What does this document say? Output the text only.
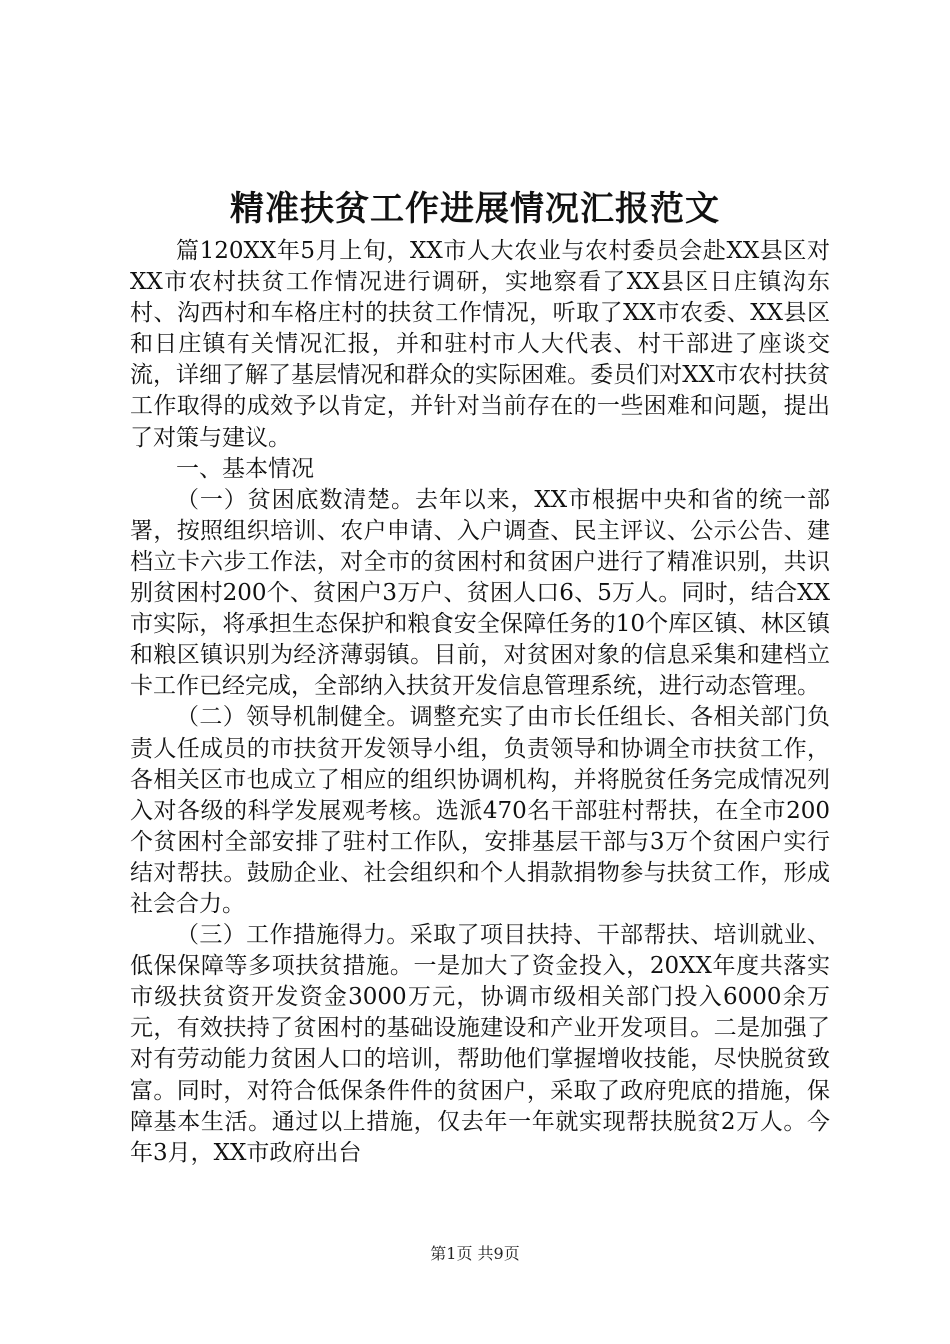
精准扶贫工作进展情况汇报范文

篇120XX年5月上旬，XX市人大农业与农村委员会赴XX县区对XX市农村扶贫工作情况进行调研，实地察看了XX县区日庄镇沟东村、沟西村和车格庄村的扶贫工作情况，听取了XX市农委、XX县区和日庄镇有关情况汇报，并和驻村市人大代表、村干部进了座谈交流，详细了解了基层情况和群众的实际困难。委员们对XX市农村扶贫工作取得的成效予以肯定，并针对当前存在的一些困难和问题，提出了对策与建议。

一、基本情况

（一）贫困底数清楚。去年以来，XX市根据中央和省的统一部署，按照组织培训、农户申请、入户调查、民主评议、公示公告、建档立卡六步工作法，对全市的贫困村和贫困户进行了精准识别，共识别贫困村200个、贫困户3万户、贫困人口6、5万人。同时，结合XX市实际，将承担生态保护和粮食安全保障任务的10个库区镇、林区镇和粮区镇识别为经济薄弱镇。目前，对贫困对象的信息采集和建档立卡工作已经完成，全部纳入扶贫开发信息管理系统，进行动态管理。

（二）领导机制健全。调整充实了由市长任组长、各相关部门负责人任成员的市扶贫开发领导小组，负责领导和协调全市扶贫工作，各相关区市也成立了相应的组织协调机构，并将脱贫任务完成情况列入对各级的科学发展观考核。选派470名干部驻村帮扶，在全市200个贫困村全部安排了驻村工作队，安排基层干部与3万个贫困户实行结对帮扶。鼓励企业、社会组织和个人捐款捐物参与扶贫工作，形成社会合力。

（三）工作措施得力。采取了项目扶持、干部帮扶、培训就业、低保保障等多项扶贫措施。一是加大了资金投入，20XX年度共落实市级扶贫资开发资金3000万元，协调市级相关部门投入6000余万元，有效扶持了贫困村的基础设施建设和产业开发项目。二是加强了对有劳动能力贫困人口的培训，帮助他们掌握增收技能，尽快脱贫致富。同时，对符合低保条件件的贫困户，采取了政府兜底的措施，保障基本生活。通过以上措施，仅去年一年就实现帮扶脱贫2万人。今年3月，XX市政府出台

第1页 共9页
